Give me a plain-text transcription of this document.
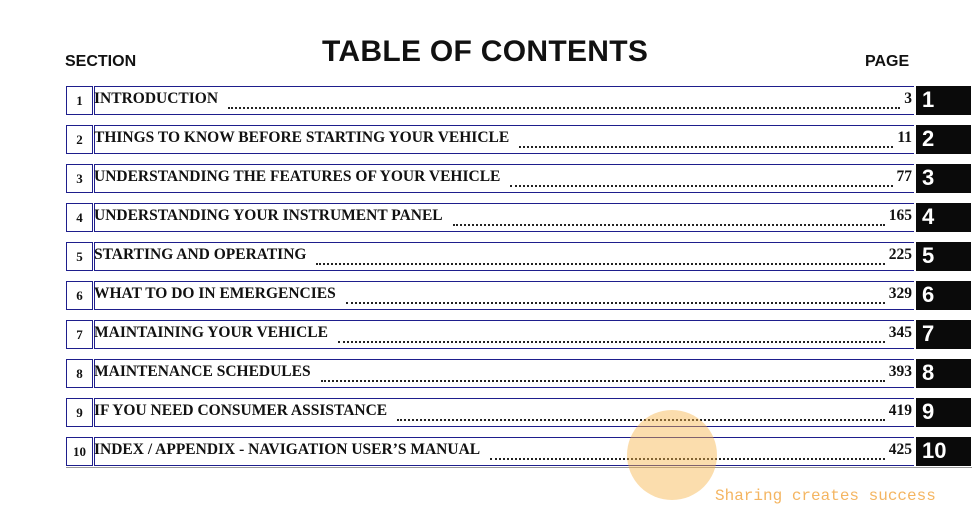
SECTION	TABLE OF CONTENTS	PAGE
1 INTRODUCTION	3 1
2 THINGS TO KNOW BEFORE STARTING YOUR VEHICLE	11 2
3 UNDERSTANDING THE FEATURES OF YOUR VEHICLE	77 3
4 UNDERSTANDING YOUR INSTRUMENT PANEL	165 4
5 STARTING AND OPERATING	225 5
6 WHAT TO DO IN EMERGENCIES	329 6
7 MAINTAINING YOUR VEHICLE	345 7
8 MAINTENANCE SCHEDULES	393 8
9 IF YOU NEED CONSUMER ASSISTANCE	419 9
10 INDEX / APPENDIX - NAVIGATION USER’S MANUAL	425 10
Sharing creates success
